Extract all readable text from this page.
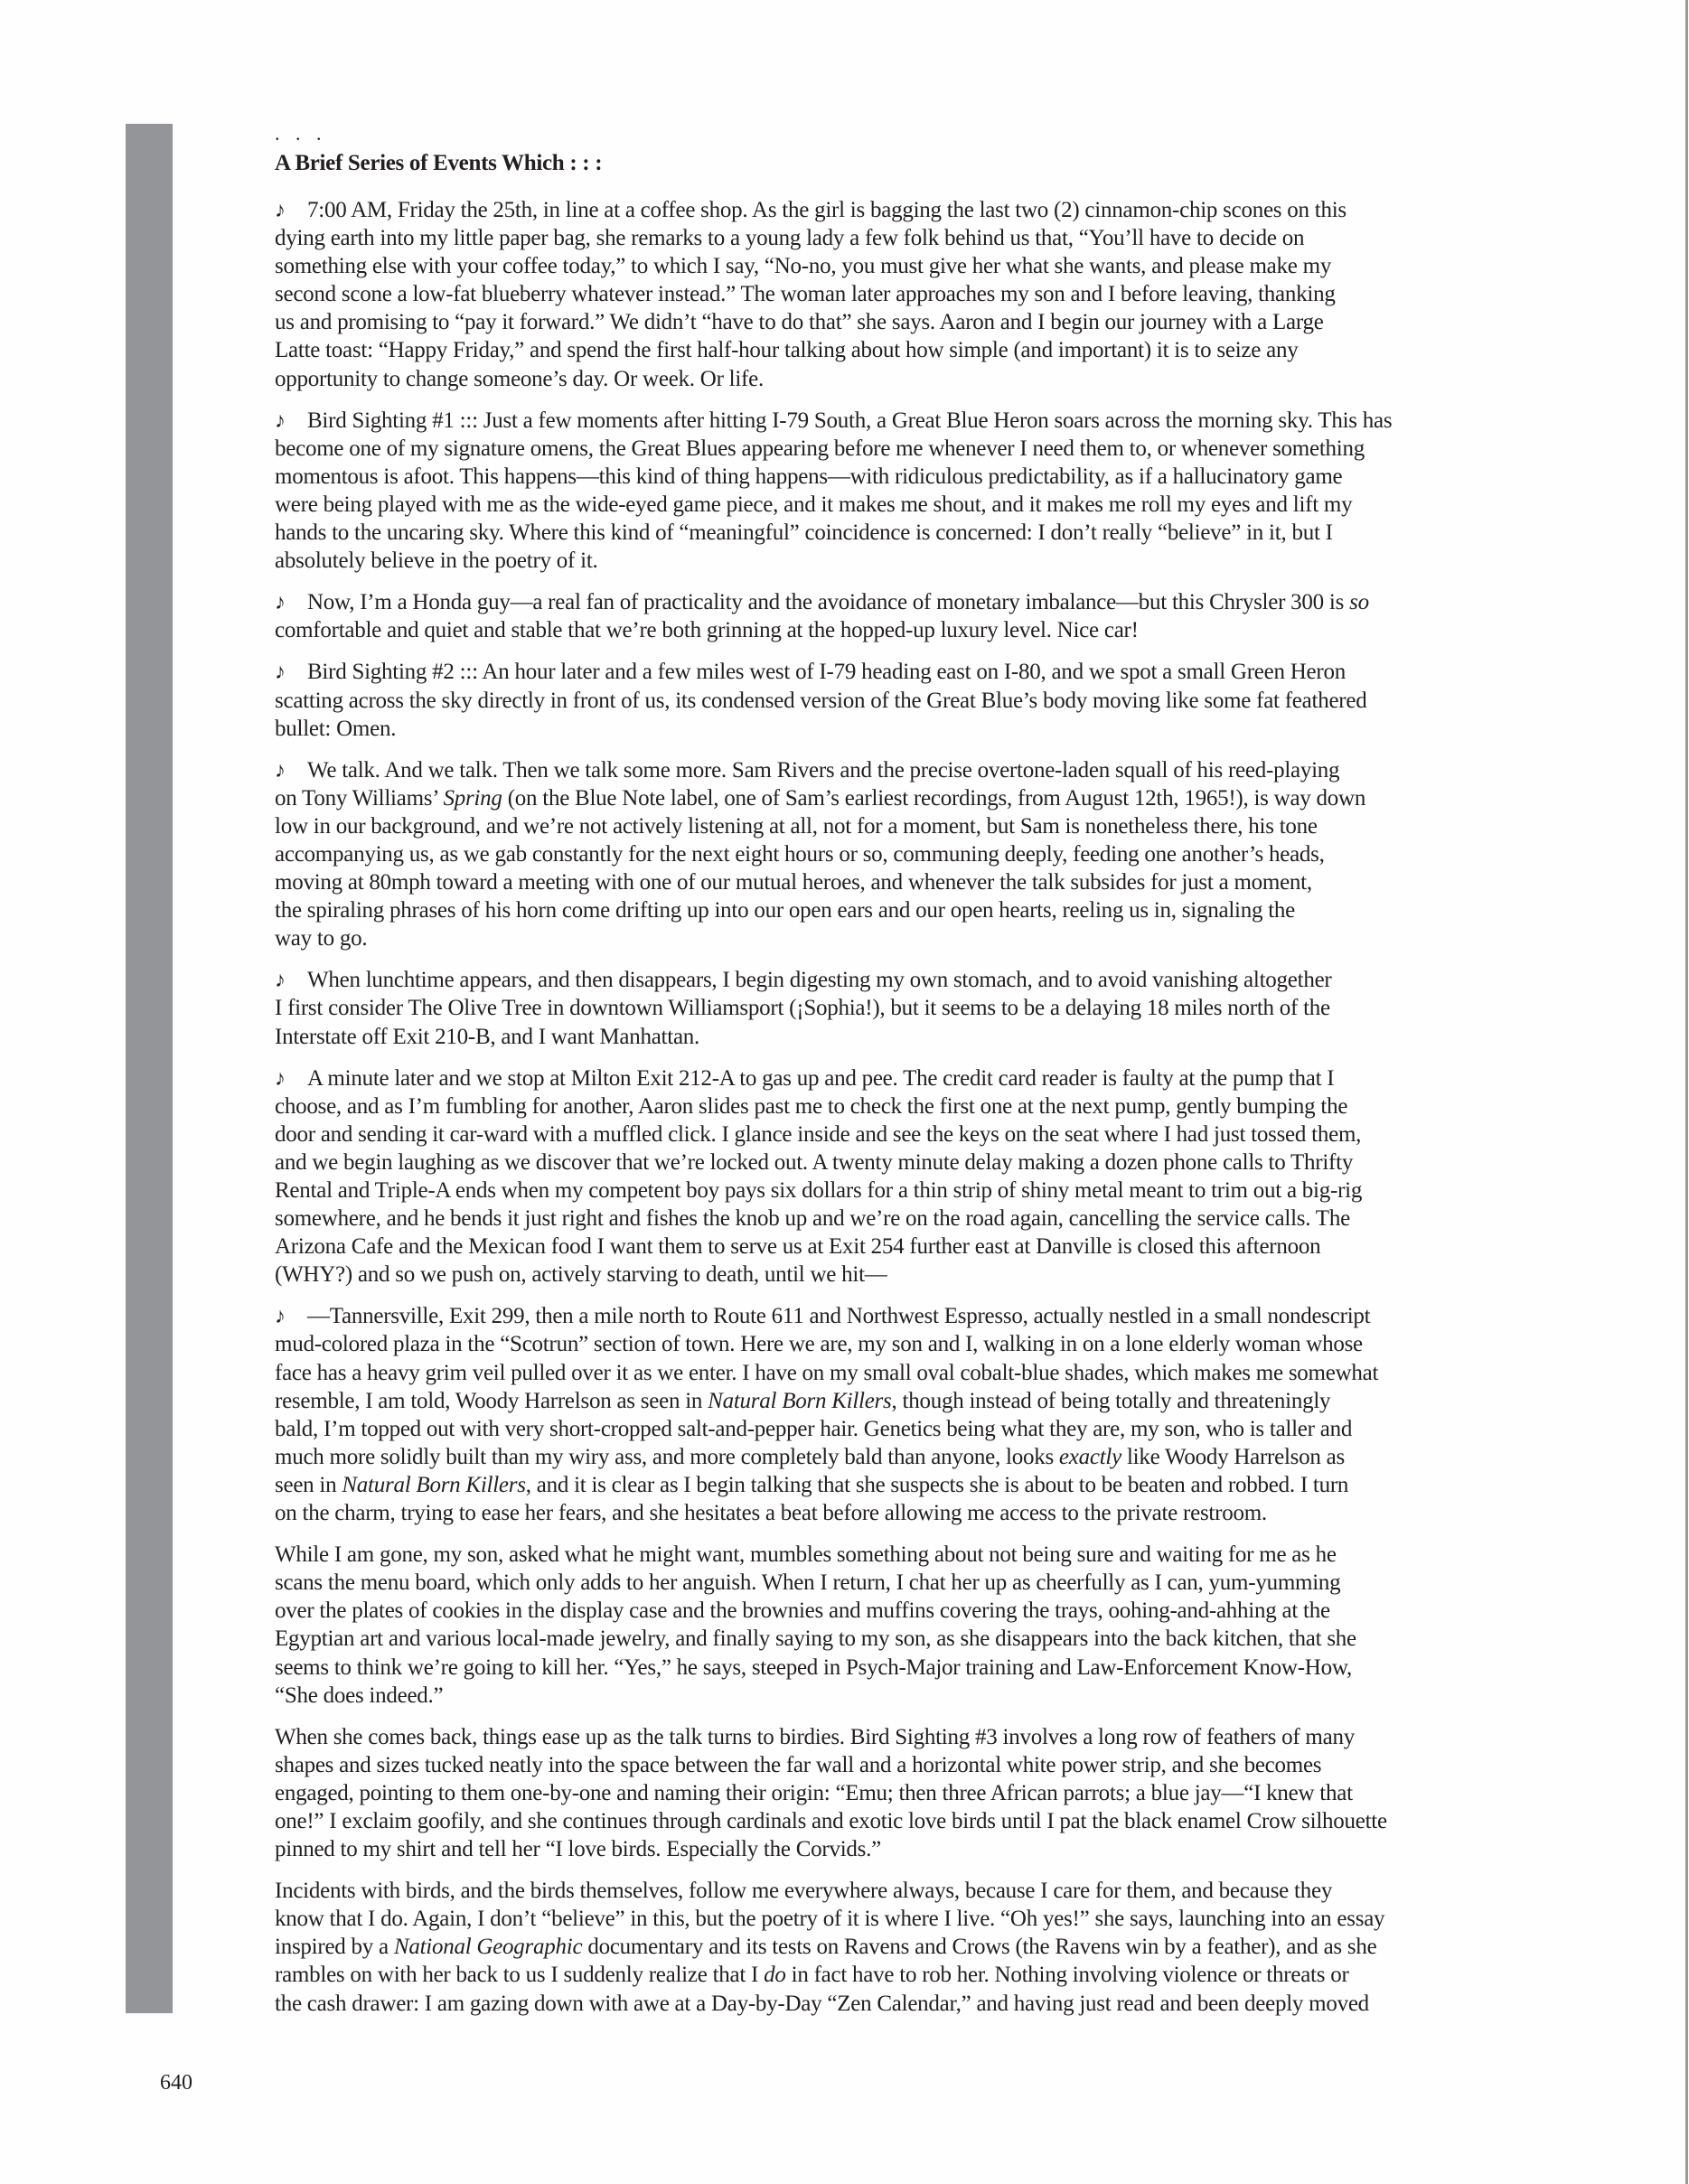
. . .
A Brief Series of Events Which : : :
♪ 7:00 AM, Friday the 25th, in line at a coffee shop. As the girl is bagging the last two (2) cinnamon-chip scones on this
dying earth into my little paper bag, she remarks to a young lady a few folk behind us that, “You’ll have to decide on
something else with your coffee today,” to which I say, “No-no, you must give her what she wants, and please make my
second scone a low-fat blueberry whatever instead.” The woman later approaches my son and I before leaving, thanking
us and promising to “pay it forward.” We didn’t “have to do that” she says. Aaron and I begin our journey with a Large
Latte toast: “Happy Friday,” and spend the first half-hour talking about how simple (and important) it is to seize any
opportunity to change someone’s day. Or week. Or life.
♪ Bird Sighting #1 ::: Just a few moments after hitting I-79 South, a Great Blue Heron soars across the morning sky. This has
become one of my signature omens, the Great Blues appearing before me whenever I need them to, or whenever something
momentous is afoot. This happens—this kind of thing happens—with ridiculous predictability, as if a hallucinatory game
were being played with me as the wide-eyed game piece, and it makes me shout, and it makes me roll my eyes and lift my
hands to the uncaring sky. Where this kind of “meaningful” coincidence is concerned: I don’t really “believe” in it, but I
absolutely believe in the poetry of it.
♪ Now, I’m a Honda guy—a real fan of practicality and the avoidance of monetary imbalance—but this Chrysler 300 is so
comfortable and quiet and stable that we’re both grinning at the hopped-up luxury level. Nice car!
♪ Bird Sighting #2 ::: An hour later and a few miles west of I-79 heading east on I-80, and we spot a small Green Heron
scatting across the sky directly in front of us, its condensed version of the Great Blue’s body moving like some fat feathered
bullet: Omen.
♪ We talk. And we talk. Then we talk some more. Sam Rivers and the precise overtone-laden squall of his reed-playing
on Tony Williams’ Spring (on the Blue Note label, one of Sam’s earliest recordings, from August 12th, 1965!), is way down
low in our background, and we’re not actively listening at all, not for a moment, but Sam is nonetheless there, his tone
accompanying us, as we gab constantly for the next eight hours or so, communing deeply, feeding one another’s heads,
moving at 80mph toward a meeting with one of our mutual heroes, and whenever the talk subsides for just a moment,
the spiraling phrases of his horn come drifting up into our open ears and our open hearts, reeling us in, signaling the
way to go.
♪ When lunchtime appears, and then disappears, I begin digesting my own stomach, and to avoid vanishing altogether
I first consider The Olive Tree in downtown Williamsport (¡Sophia!), but it seems to be a delaying 18 miles north of the
Interstate off Exit 210-B, and I want Manhattan.
♪ A minute later and we stop at Milton Exit 212-A to gas up and pee. The credit card reader is faulty at the pump that I
choose, and as I’m fumbling for another, Aaron slides past me to check the first one at the next pump, gently bumping the
door and sending it car-ward with a muffled click. I glance inside and see the keys on the seat where I had just tossed them,
and we begin laughing as we discover that we’re locked out. A twenty minute delay making a dozen phone calls to Thrifty
Rental and Triple-A ends when my competent boy pays six dollars for a thin strip of shiny metal meant to trim out a big-rig
somewhere, and he bends it just right and fishes the knob up and we’re on the road again, cancelling the service calls. The
Arizona Cafe and the Mexican food I want them to serve us at Exit 254 further east at Danville is closed this afternoon
(WHY?) and so we push on, actively starving to death, until we hit—
♪ —Tannersville, Exit 299, then a mile north to Route 611 and Northwest Espresso, actually nestled in a small nondescript
mud-colored plaza in the “Scotrun” section of town. Here we are, my son and I, walking in on a lone elderly woman whose
face has a heavy grim veil pulled over it as we enter. I have on my small oval cobalt-blue shades, which makes me somewhat
resemble, I am told, Woody Harrelson as seen in Natural Born Killers, though instead of being totally and threateningly
bald, I’m topped out with very short-cropped salt-and-pepper hair. Genetics being what they are, my son, who is taller and
much more solidly built than my wiry ass, and more completely bald than anyone, looks exactly like Woody Harrelson as
seen in Natural Born Killers, and it is clear as I begin talking that she suspects she is about to be beaten and robbed. I turn
on the charm, trying to ease her fears, and she hesitates a beat before allowing me access to the private restroom.
While I am gone, my son, asked what he might want, mumbles something about not being sure and waiting for me as he
scans the menu board, which only adds to her anguish. When I return, I chat her up as cheerfully as I can, yum-yumming
over the plates of cookies in the display case and the brownies and muffins covering the trays, oohing-and-ahhing at the
Egyptian art and various local-made jewelry, and finally saying to my son, as she disappears into the back kitchen, that she
seems to think we’re going to kill her. “Yes,” he says, steeped in Psych-Major training and Law-Enforcement Know-How,
“She does indeed.”
When she comes back, things ease up as the talk turns to birdies. Bird Sighting #3 involves a long row of feathers of many
shapes and sizes tucked neatly into the space between the far wall and a horizontal white power strip, and she becomes
engaged, pointing to them one-by-one and naming their origin: “Emu; then three African parrots; a blue jay—“I knew that
one!” I exclaim goofily, and she continues through cardinals and exotic love birds until I pat the black enamel Crow silhouette
pinned to my shirt and tell her “I love birds. Especially the Corvids.”
Incidents with birds, and the birds themselves, follow me everywhere always, because I care for them, and because they
know that I do. Again, I don’t “believe” in this, but the poetry of it is where I live. “Oh yes!” she says, launching into an essay
inspired by a National Geographic documentary and its tests on Ravens and Crows (the Ravens win by a feather), and as she
rambles on with her back to us I suddenly realize that I do in fact have to rob her. Nothing involving violence or threats or
the cash drawer: I am gazing down with awe at a Day-by-Day “Zen Calendar,” and having just read and been deeply moved
640
